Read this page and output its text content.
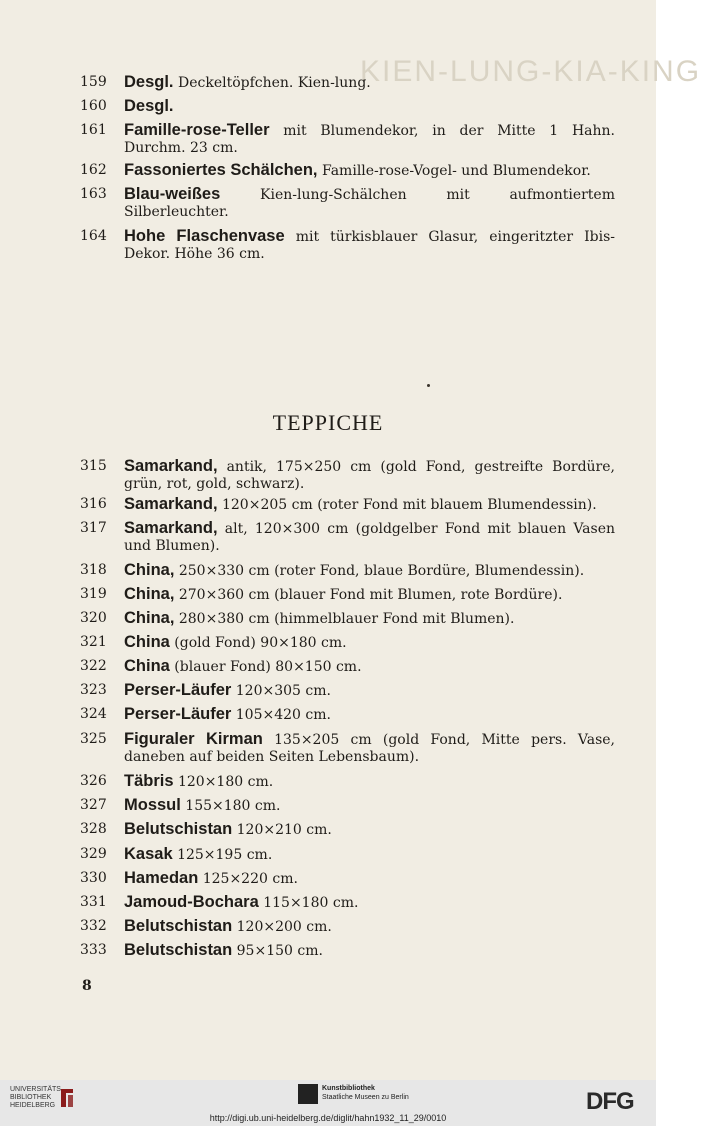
KIEN-LUNG-KIA-KING
159	Desgl. Deckeltöpfchen. Kien-lung.
160	Desgl.
161	Famille-rose-Teller mit Blumendekor, in der Mitte 1 Hahn. Durchm. 23 cm.
162	Fassoniertes Schälchen, Famille-rose-Vogel- und Blumendekor.
163	Blau-weißes Kien-lung-Schälchen mit aufmontiertem Silberleuchter.
164	Hohe Flaschenvase mit türkisblauer Glasur, eingeritzter Ibis-Dekor. Höhe 36 cm.
TEPPICHE
315	Samarkand, antik, 175×250 cm (gold Fond, gestreifte Bordüre, grün, rot, gold, schwarz).
316	Samarkand, 120×205 cm (roter Fond mit blauem Blumendessin).
317	Samarkand, alt, 120×300 cm (goldgelber Fond mit blauen Vasen und Blumen).
318	China, 250×330 cm (roter Fond, blaue Bordüre, Blumendessin).
319	China, 270×360 cm (blauer Fond mit Blumen, rote Bordüre).
320	China, 280×380 cm (himmelblauer Fond mit Blumen).
321	China (gold Fond) 90×180 cm.
322	China (blauer Fond) 80×150 cm.
323	Perser-Läufer 120×305 cm.
324	Perser-Läufer 105×420 cm.
325	Figuraler Kirman 135×205 cm (gold Fond, Mitte pers. Vase, daneben auf beiden Seiten Lebensbaum).
326	Täbris 120×180 cm.
327	Mossul 155×180 cm.
328	Belutschistan 120×210 cm.
329	Kasak 125×195 cm.
330	Hamedan 125×220 cm.
331	Jamoud-Bochara 115×180 cm.
332	Belutschistan 120×200 cm.
333	Belutschistan 95×150 cm.
8
UNIVERSITÄTS BIBLIOTHEK HEIDELBERG
Kunstbibliothek
Staatliche Museen zu Berlin	DFG
http://digi.ub.uni-heidelberg.de/diglit/hahn1932_11_29/0010
